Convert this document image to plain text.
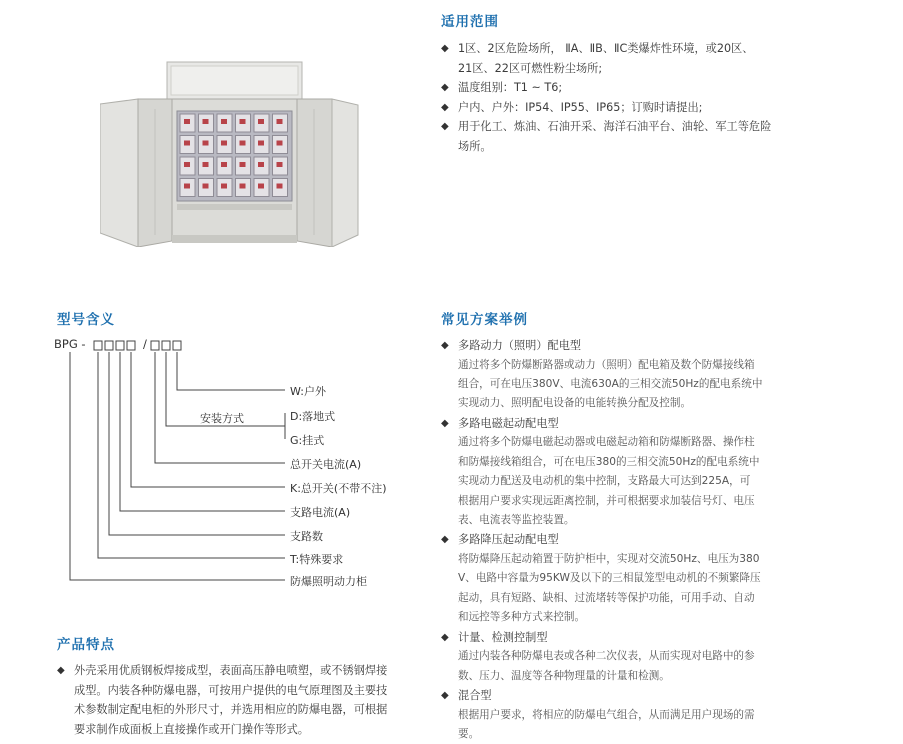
适用范围
◆ 1区、2区危险场所， ⅡA、ⅡB、ⅡC类爆炸性环境，或20区、
21区、22区可燃性粉尘场所;
◆ 温度组别：T1 ~ T6;
◆ 户内、户外：IP54、IP55、IP65；订购时请提出;
◆ 用于化工、炼油、石油开采、海洋石油平台、油轮、军工等危险
场所。
型号含义
BPG -	/
安装方式
W:户外
D:落地式
G:挂式
总开关电流(A)
K:总开关(不带不注)
支路电流(A)
支路数
T:特殊要求
防爆照明动力柜
产品特点
◆ 外壳采用优质钢板焊接成型，表面高压静电喷塑，或不锈钢焊接
成型。内装各种防爆电器，可按用户提供的电气原理图及主要技
术参数制定配电柜的外形尺寸，并选用相应的防爆电器，可根据
要求制作成面板上直接操作或开门操作等形式。
常见方案举例
◆ 多路动力（照明）配电型
通过将多个防爆断路器或动力（照明）配电箱及数个防爆接线箱
组合，可在电压380V、电流630A的三相交流50Hz的配电系统中
实现动力、照明配电设备的电能转换分配及控制。
◆ 多路电磁起动配电型
通过将多个防爆电磁起动器或电磁起动箱和防爆断路器、操作柱
和防爆接线箱组合，可在电压380的三相交流50Hz的配电系统中
实现动力配送及电动机的集中控制，支路最大可达到225A，可
根据用户要求实现远距离控制，并可根据要求加装信号灯、电压
表、电流表等监控装置。
◆ 多路降压起动配电型
将防爆降压起动箱置于防护柜中，实现对交流50Hz、电压为380
V、电路中容量为95KW及以下的三相鼠笼型电动机的不频繁降压
起动，具有短路、缺相、过流堵转等保护功能，可用手动、自动
和远控等多种方式来控制。
◆ 计量、检测控制型
通过内装各种防爆电表或各种二次仪表，从而实现对电路中的参
数、压力、温度等各种物理量的计量和检测。
◆ 混合型
根据用户要求，将相应的防爆电气组合，从而满足用户现场的需
要。
